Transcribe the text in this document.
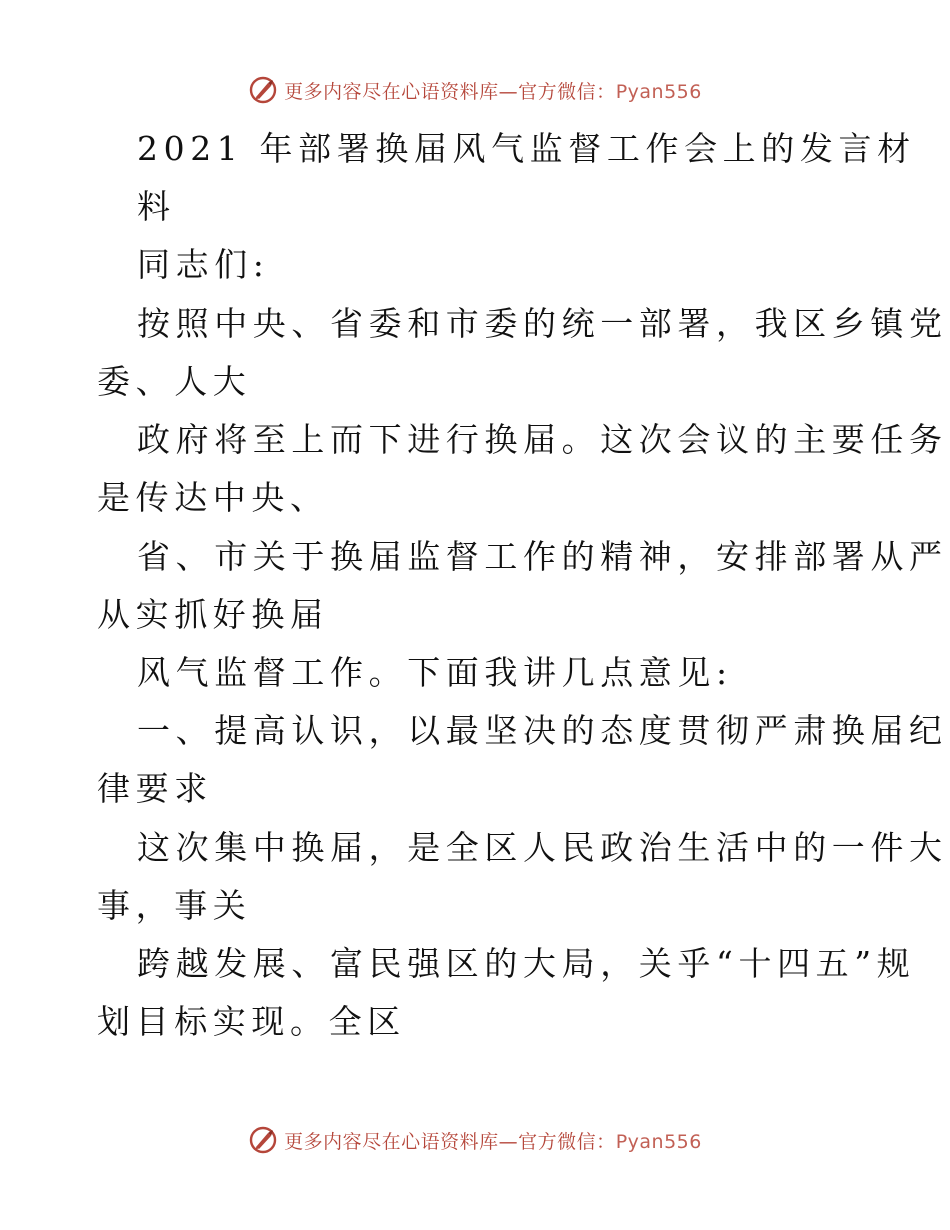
更多内容尽在心语资料库—官方微信：Pyan556
2021 年部署换届风气监督工作会上的发言材
料
同志们:
按照中央、省委和市委的统一部署，我区乡镇党
委、人大
政府将至上而下进行换届。这次会议的主要任务
是传达中央、
省、市关于换届监督工作的精神，安排部署从严
从实抓好换届
风气监督工作。下面我讲几点意见:
一、提高认识，以最坚决的态度贯彻严肃换届纪
律要求
这次集中换届，是全区人民政治生活中的一件大
事，事关
跨越发展、富民强区的大局，关乎“十四五”规
划目标实现。全区
更多内容尽在心语资料库—官方微信：Pyan556
